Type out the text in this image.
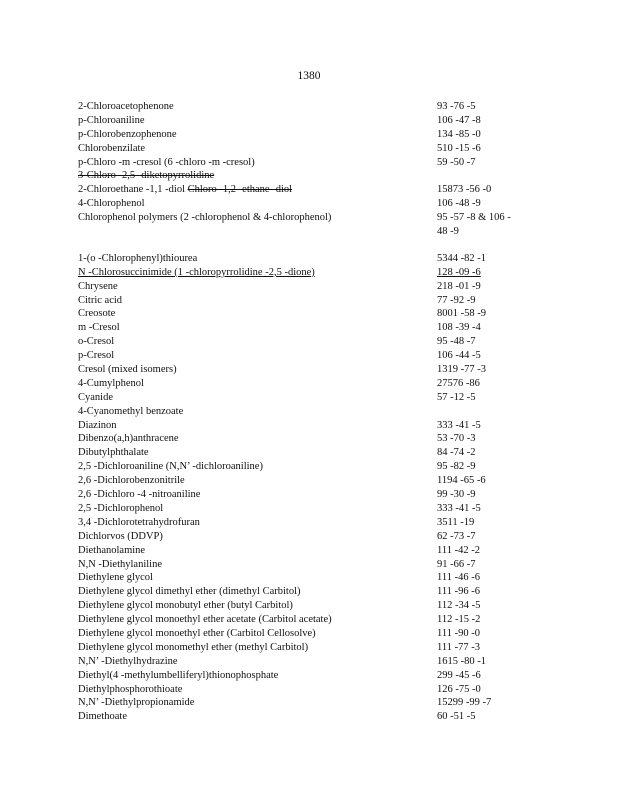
1380
2-Chloroacetophenone	93 -76 -5
p-Chloroaniline	106 -47 -8
p-Chlorobenzophenone	134 -85 -0
Chlorobenzilate	510 -15 -6
p-Chloro -m -cresol (6 -chloro -m -cresol)	59 -50 -7
3-Chloro- 2,5- diketopyrrolidine
2-Chloroethane -1,1 -diol Chloro- 1,2- ethane- diol	15873 -56 -0
4-Chlorophenol	106 -48 -9
Chlorophenol polymers (2 -chlorophenol & 4-chlorophenol)	95 -57 -8 & 106 -
48 -9
1-(o -Chlorophenyl)thiourea	5344 -82 -1
N -Chlorosuccinimide (1 -chloropyrrolidine -2,5 -dione)	128 -09 -6
Chrysene	218 -01 -9
Citric acid	77 -92 -9
Creosote	8001 -58 -9
m -Cresol	108 -39 -4
o-Cresol	95 -48 -7
p-Cresol	106 -44 -5
Cresol (mixed isomers)	1319 -77 -3
4-Cumylphenol	27576 -86
Cyanide	57 -12 -5
4-Cyanomethyl benzoate
Diazinon	333 -41 -5
Dibenzo(a,h)anthracene	53 -70 -3
Dibutylphthalate	84 -74 -2
2,5 -Dichloroaniline (N,N’ -dichloroaniline)	95 -82 -9
2,6 -Dichlorobenzonitrile	1194 -65 -6
2,6 -Dichloro -4 -nitroaniline	99 -30 -9
2,5 -Dichlorophenol	333 -41 -5
3,4 -Dichlorotetrahydrofuran	3511 -19
Dichlorvos (DDVP)	62 -73 -7
Diethanolamine	111 -42 -2
N,N -Diethylaniline	91 -66 -7
Diethylene glycol	111 -46 -6
Diethylene glycol dimethyl ether (dimethyl Carbitol)	111 -96 -6
Diethylene glycol monobutyl ether (butyl Carbitol)	112 -34 -5
Diethylene glycol monoethyl ether acetate (Carbitol acetate)	112 -15 -2
Diethylene glycol monoethyl ether (Carbitol Cellosolve)	111 -90 -0
Diethylene glycol monomethyl ether (methyl Carbitol)	111 -77 -3
N,N’ -Diethylhydrazine	1615 -80 -1
Diethyl(4 -methylumbelliferyl)thionophosphate	299 -45 -6
Diethylphosphorothioate	126 -75 -0
N,N’ -Diethylpropionamide	15299 -99 -7
Dimethoate	60 -51 -5
